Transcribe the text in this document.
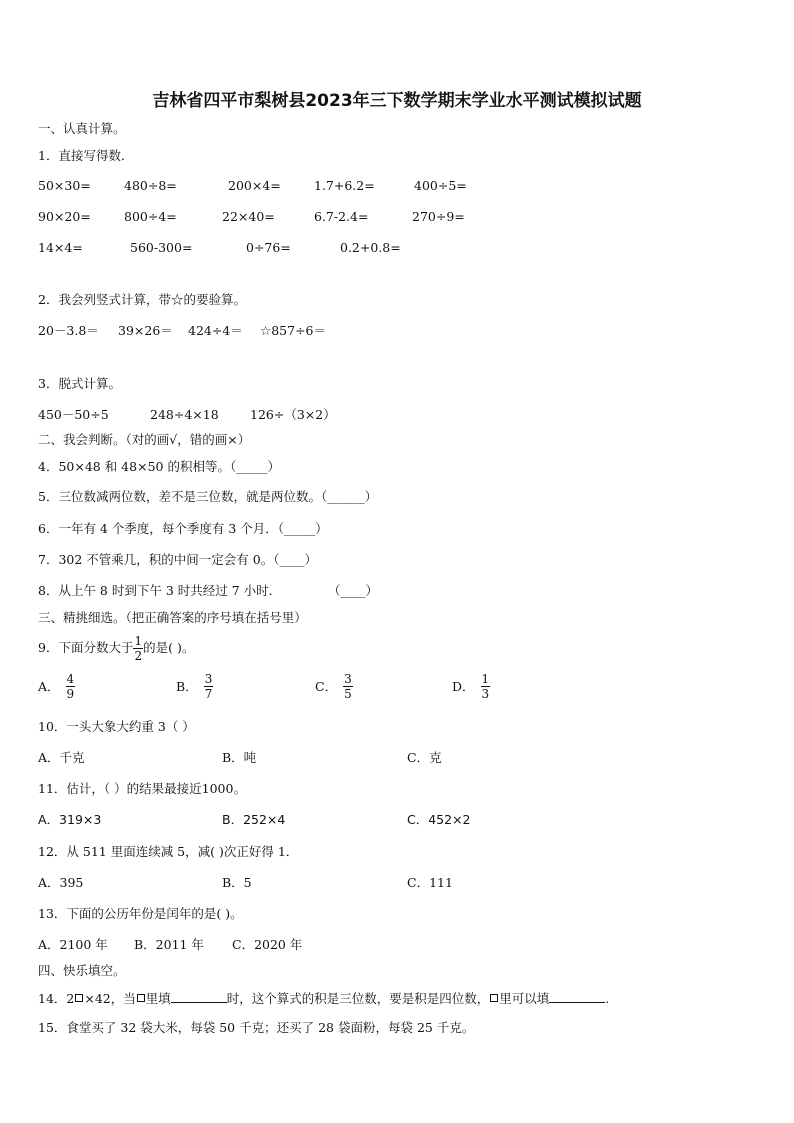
吉林省四平市梨树县2023年三下数学期末学业水平测试模拟试题
一、认真计算。
1．直接写得数．
50×30=	480÷8=	200×4=	1.7+6.2=	400÷5=
90×20=	800÷4=	22×40=	6.7-2.4=	270÷9=
14×4=	560-300=	0÷76=	0.2+0.8=
2．我会列竖式计算，带☆的要验算。
20－3.8＝ 39×26＝ 424÷4＝ ☆857÷6＝
3．脱式计算。
450－50÷5	248÷4×18	126÷（3×2）
二、我会判断。（对的画√，错的画×）
4．50×48 和 48×50 的积相等。（_____）
5．三位数减两位数，差不是三位数，就是两位数。（______）
6．一年有 4 个季度，每个季度有 3 个月．（_____）
7．302 不管乘几，积的中间一定会有 0。（____）
8．从上午 8 时到下午 3 时共经过 7 小时.	（____）
三、精挑细选。（把正确答案的序号填在括号里）
9．下面分数大于 $\frac{1}{2}$ 的是( )。
A． $\frac{4}{9}$	B． $\frac{3}{7}$	C． $\frac{3}{5}$	D． $\frac{1}{3}$
10．一头大象大约重 3（ ）
A．千克	B．吨	C．克
11．估计，（ ）的结果最接近1000。
A．319×3	B．252×4	C．452×2
12．从 511 里面连续减 5，减( )次正好得 1．
A．395	B．5	C．111
13．下面的公历年份是闰年的是( )。
A．2100 年 B．2011 年 C．2020 年
四、快乐填空。
14．2 ×42，当 里填	时，这个算式的积是三位数，要是积是四位数， 里可以填	.
15．食堂买了 32 袋大米，每袋 50 千克；还买了 28 袋面粉，每袋 25 千克。
